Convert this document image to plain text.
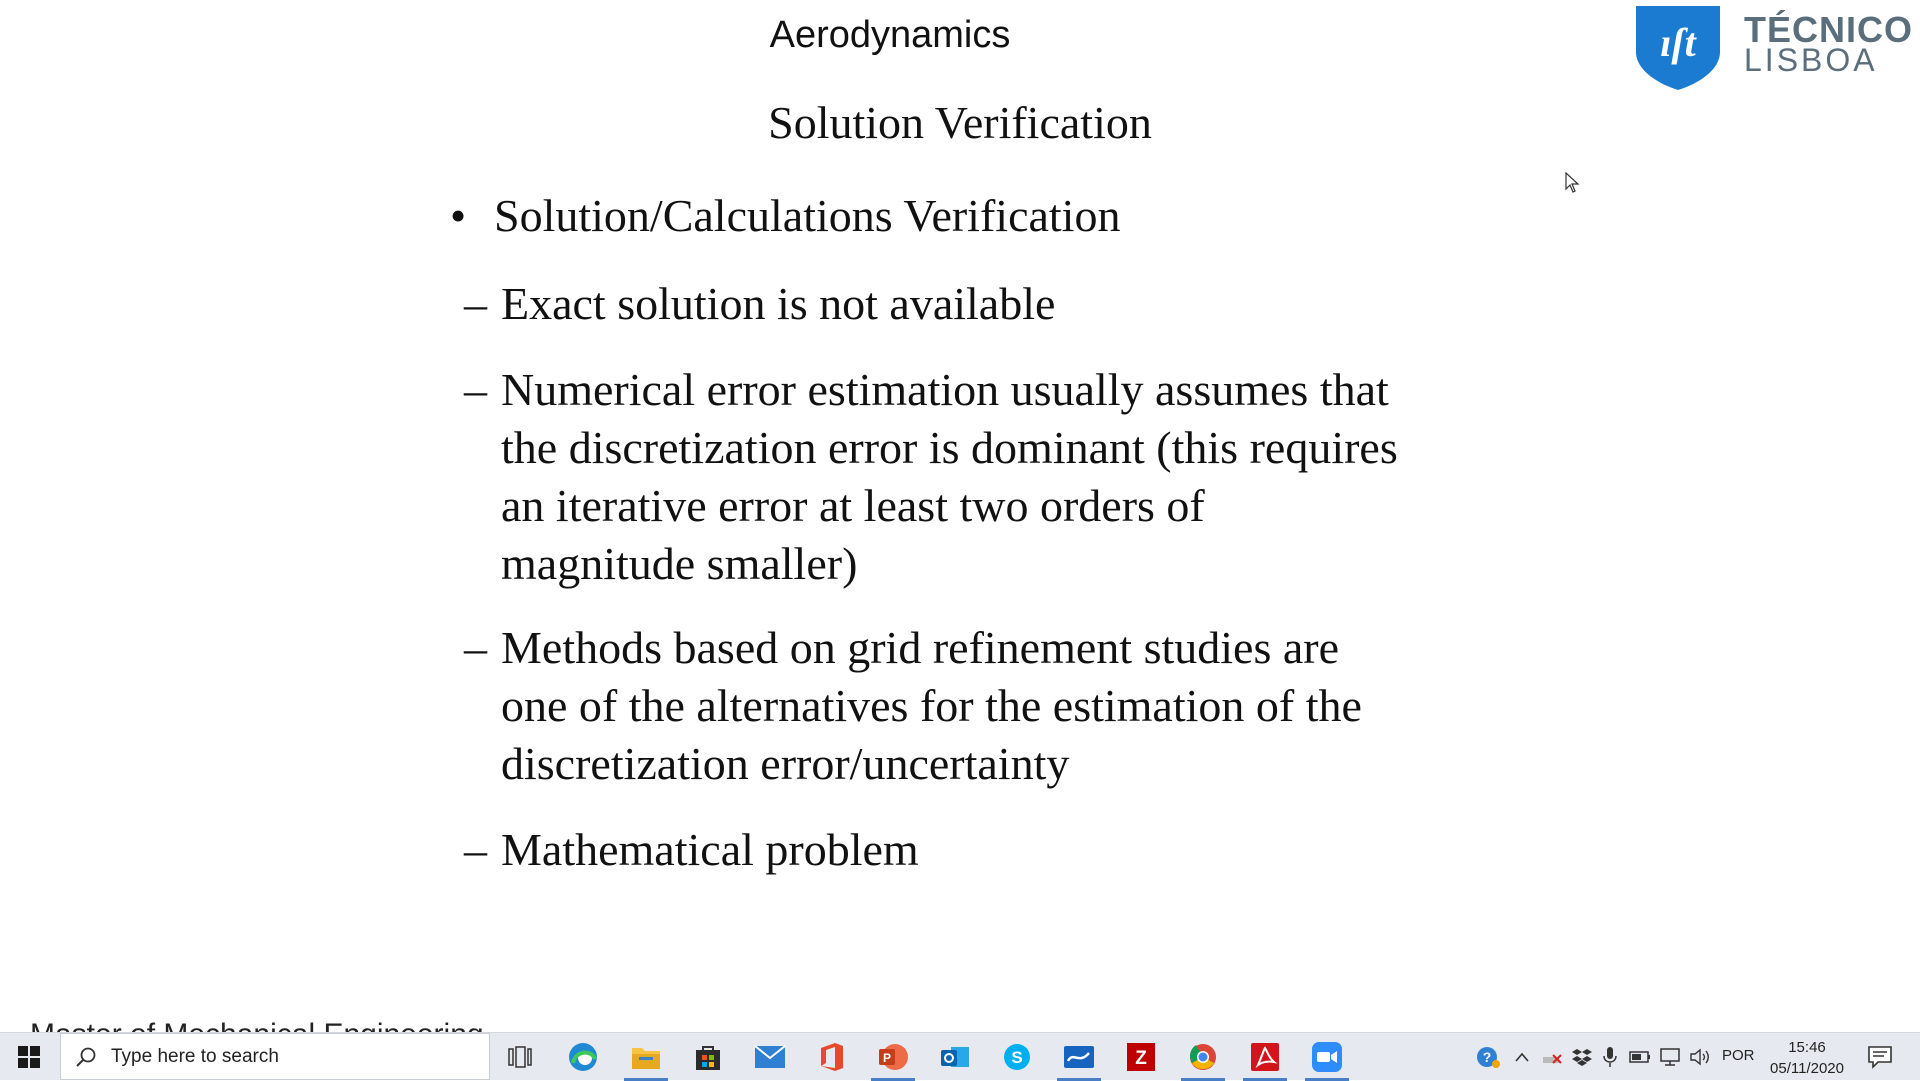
Aerodynamics	ıſt TÉCNICO
LISBOA
Solution Verification
• Solution/Calculations Verification
– Exact solution is not available
– Numerical error estimation usually assumes that the discretization error is dominant (this requires an iterative error at least two orders of magnitude smaller)
– Methods based on grid refinement studies are one of the alternatives for the estimation of the discretization error/uncertainty
– Mathematical problem
Type here to search	P	S	Z	?	POR	15:46
05/11/2020
